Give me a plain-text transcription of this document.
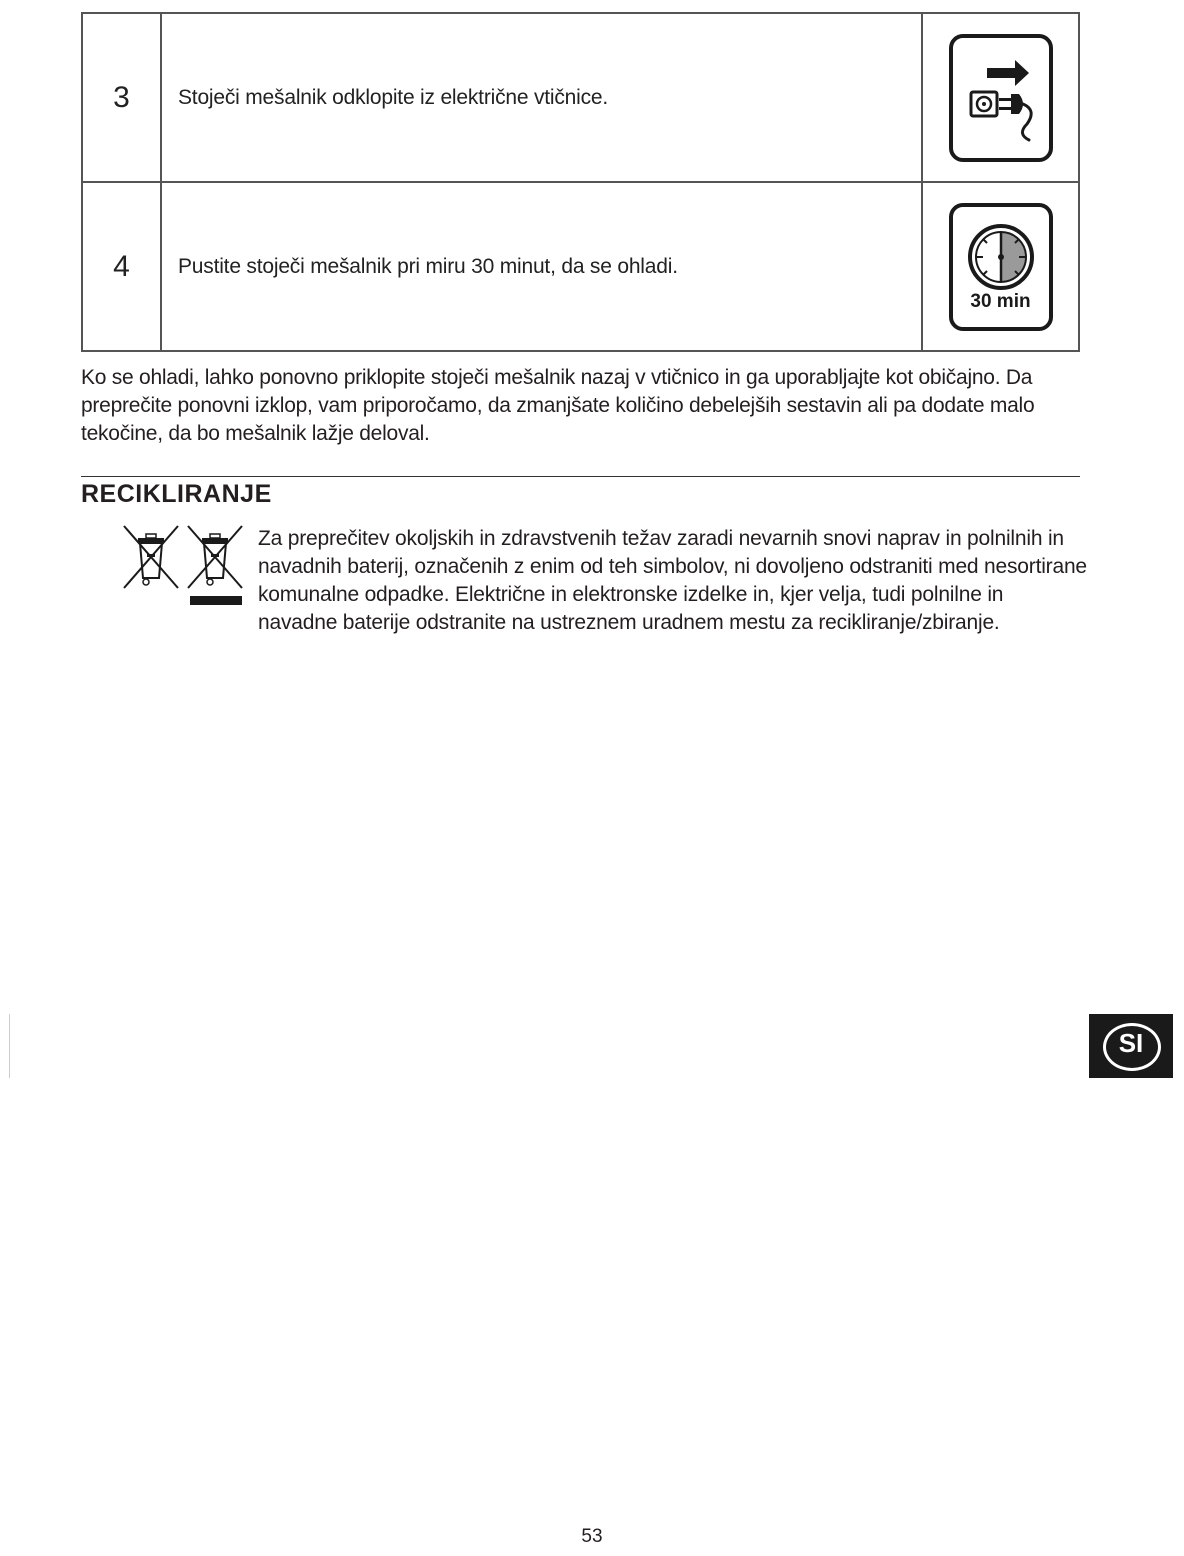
3	Stoječi mešalnik odklopite iz električne vtičnice.	

4	Pustite stoječi mešalnik pri miru 30 minut, da se ohladi.	30 min

Ko se ohladi, lahko ponovno priklopite stoječi mešalnik nazaj v vtičnico in ga uporabljajte kot običajno. Da preprečite ponovni izklop, vam priporočamo, da zmanjšate količino debelejših sestavin ali pa dodate malo tekočine, da bo mešalnik lažje deloval.

RECIKLIRANJE

Za preprečitev okoljskih in zdravstvenih težav zaradi nevarnih snovi naprav in polnilnih in navadnih baterij, označenih z enim od teh simbolov, ni dovoljeno odstraniti med nesortirane komunalne odpadke. Električne in elektronske izdelke in, kjer velja, tudi polnilne in navadne baterije odstranite na ustreznem uradnem mestu za recikliranje/zbiranje.

SI
53
